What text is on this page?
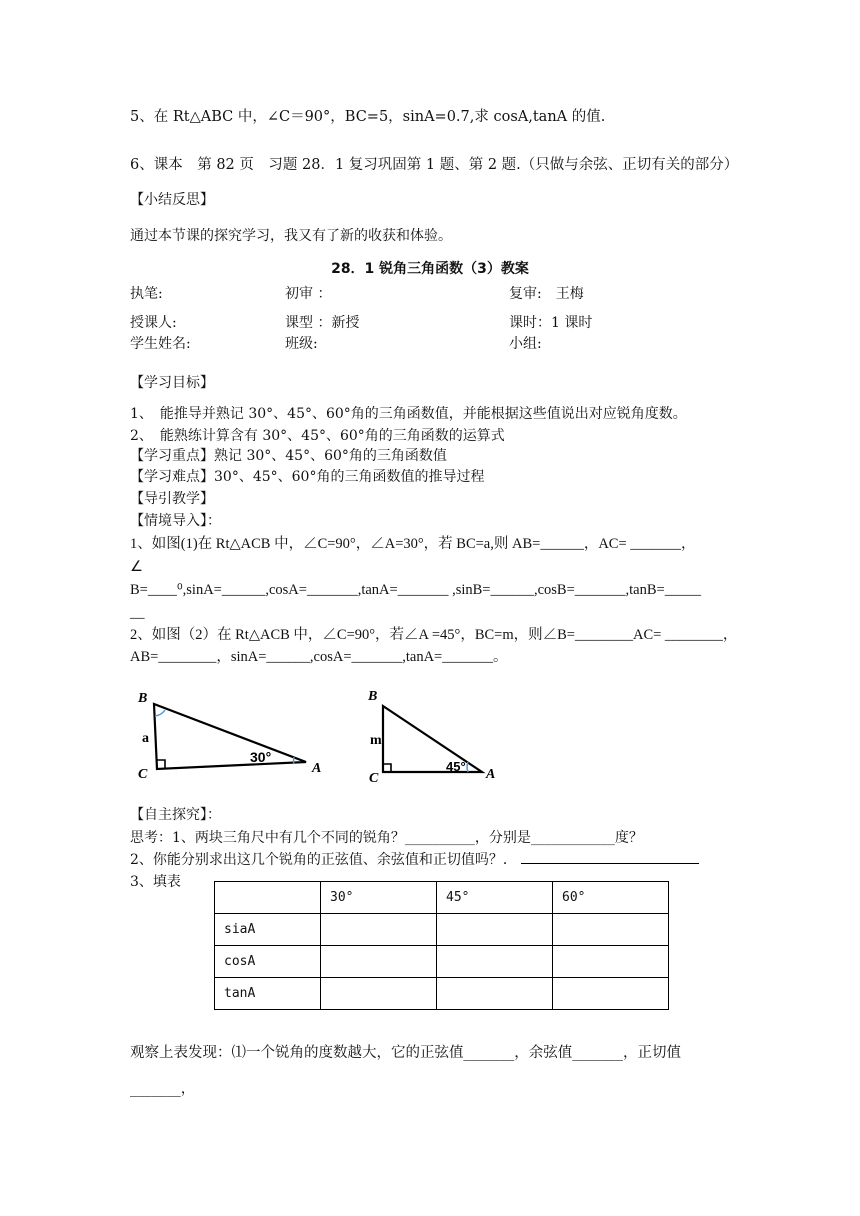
5、在 Rt△ABC 中，∠C＝90°，BC=5，sinA=0.7,求 cosA,tanA 的值.
6、课本　第 82 页　习题 28．1 复习巩固第 1 题、第 2 题.（只做与余弦、正切有关的部分）
【小结反思】
通过本节课的探究学习，我又有了新的收获和体验。
28．1 锐角三角函数（3）教案
执笔:	初审 ：	复审:　王梅
授课人:	课型 ：新授	课时：1 课时
学生姓名:	班级:	小组:
【学习目标】
1、　能推导并熟记 30°、45°、60°角的三角函数值，并能根据这些值说出对应锐角度数。
2、　能熟练计算含有 30°、45°、60°角的三角函数的运算式
【学习重点】熟记 30°、45°、60°角的三角函数值
【学习难点】30°、45°、60°角的三角函数值的推导过程
【导引教学】
【情境导入】：
1、如图(1)在 Rt△ACB 中，∠C=90°，∠A=30°，若 BC=a,则 AB=______，AC= _______，
∠
B=____⁰,sinA=______,cosA=_______,tanA=_______ ,sinB=______,cosB=_______,tanB=_____
__
2、如图（2）在 Rt△ACB 中，∠C=90°，若∠A =45°，BC=m，则∠B=________AC= ________，
AB=________，sinA=______,cosA=_______,tanA=_______。
B
a
C
30°
A
B
m
C
45°
A
【自主探究】：
思考：1、两块三角尺中有几个不同的锐角？__________，分别是____________度？
2、你能分别求出这几个锐角的正弦值、余弦值和正切值吗？．
3、填表
	30°	45°	60°
siaA			
cosA			
tanA			
观察上表发现：⑴一个锐角的度数越大，它的正弦值_______，余弦值_______，正切值
_______，
